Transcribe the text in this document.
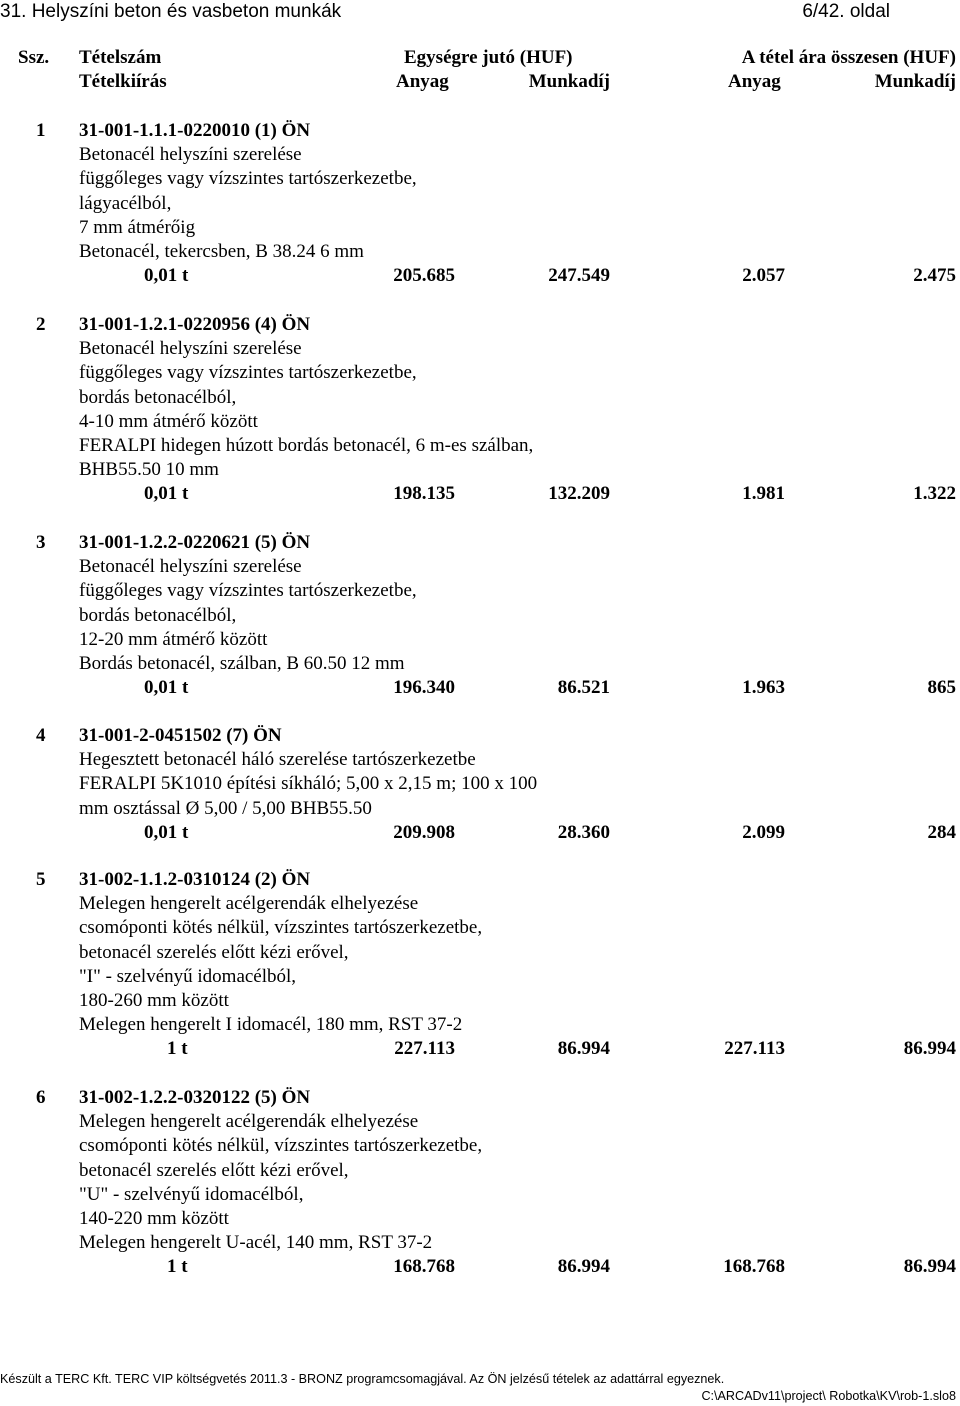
31. Helyszíni beton és vasbeton munkák	6/42. oldal
Ssz. Tételszám
Tételkiírás
Egységre jutó (HUF)	A tétel ára összesen (HUF)
Anyag	Munkadíj	Anyag	Munkadíj
1 31-001-1.1.1-0220010 (1) ÖN
Betonacél helyszíni szerelése
függőleges vagy vízszintes tartószerkezetbe,
lágyacélból,
7 mm átmérőig
Betonacél, tekercsben, B 38.24 6 mm
0,01 t	205.685	247.549	2.057	2.475
2 31-001-1.2.1-0220956 (4) ÖN
Betonacél helyszíni szerelése
függőleges vagy vízszintes tartószerkezetbe,
bordás betonacélból,
4-10 mm átmérő között
FERALPI hidegen húzott bordás betonacél, 6 m-es szálban,
BHB55.50 10 mm
0,01 t	198.135	132.209	1.981	1.322
3 31-001-1.2.2-0220621 (5) ÖN
Betonacél helyszíni szerelése
függőleges vagy vízszintes tartószerkezetbe,
bordás betonacélból,
12-20 mm átmérő között
Bordás betonacél, szálban, B 60.50 12 mm
0,01 t	196.340	86.521	1.963	865
4 31-001-2-0451502 (7) ÖN
Hegesztett betonacél háló szerelése tartószerkezetbe
FERALPI 5K1010 építési síkháló; 5,00 x 2,15 m; 100 x 100
mm osztással Ø 5,00 / 5,00 BHB55.50
0,01 t	209.908	28.360	2.099	284
5 31-002-1.1.2-0310124 (2) ÖN
Melegen hengerelt acélgerendák elhelyezése
csomóponti kötés nélkül, vízszintes tartószerkezetbe,
betonacél szerelés előtt kézi erővel,
"I" - szelvényű idomacélból,
180-260 mm között
Melegen hengerelt I idomacél, 180 mm, RST 37-2
1 t	227.113	86.994	227.113	86.994
6 31-002-1.2.2-0320122 (5) ÖN
Melegen hengerelt acélgerendák elhelyezése
csomóponti kötés nélkül, vízszintes tartószerkezetbe,
betonacél szerelés előtt kézi erővel,
"U" - szelvényű idomacélból,
140-220 mm között
Melegen hengerelt U-acél, 140 mm, RST 37-2
1 t	168.768	86.994	168.768	86.994
Készült a TERC Kft. TERC VIP költségvetés 2011.3 - BRONZ programcsomagjával. Az ÖN jelzésű tételek az adattárral egyeznek.
C:\ARCADv11\project\ Robotka\KV\rob-1.slo8
